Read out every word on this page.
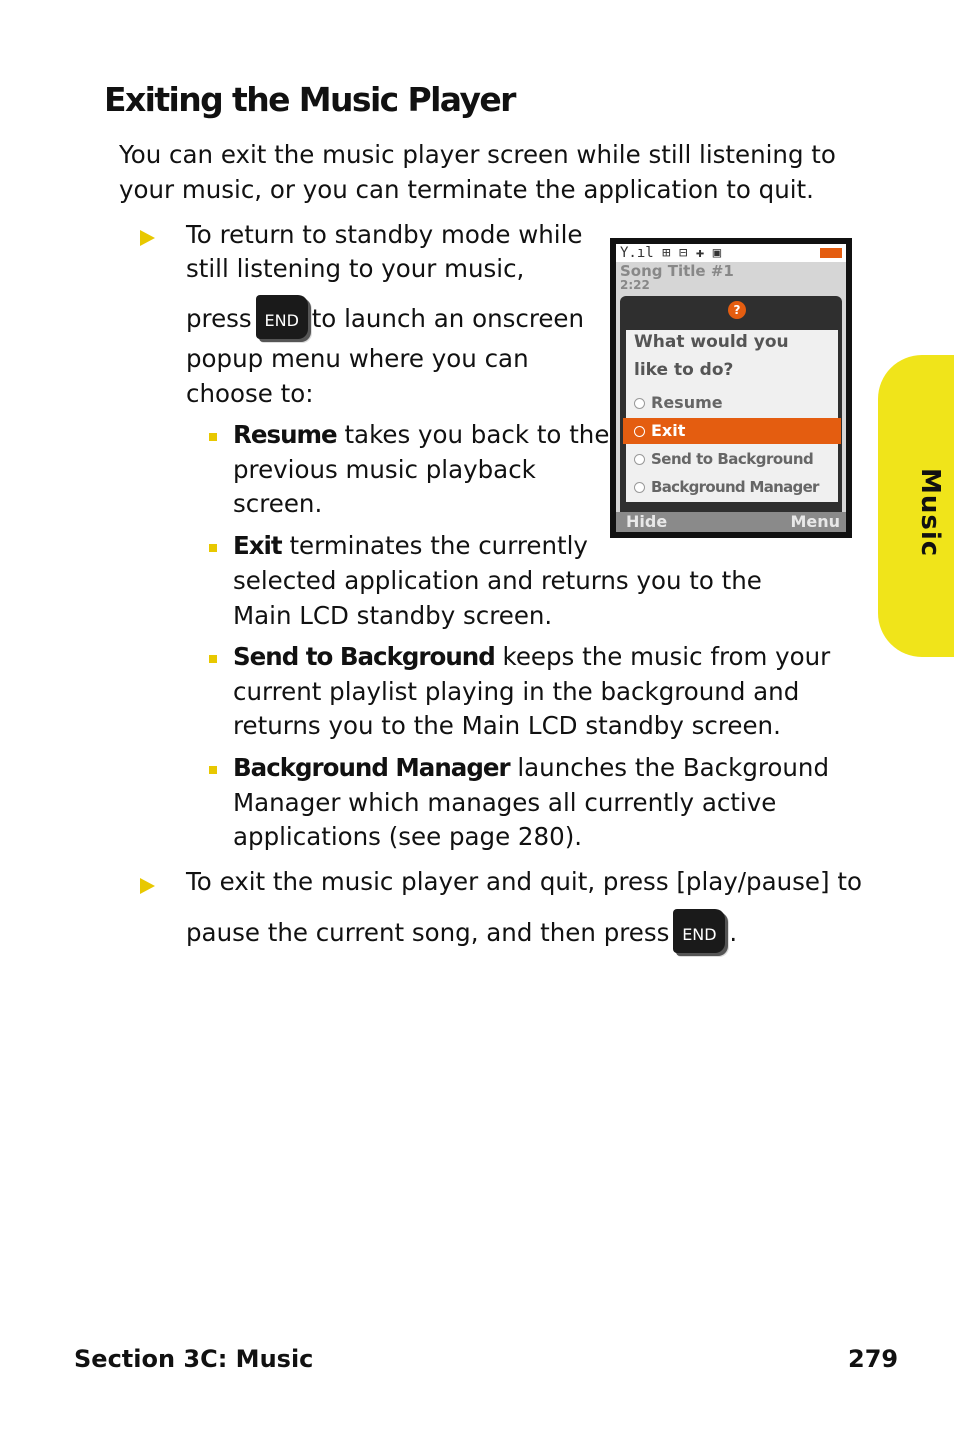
Exiting the Music Player

You can exit the music player screen while still listening to your music, or you can terminate the application to quit.

To return to standby mode while

still listening to your music,

press END to launch an onscreen

popup menu where you can

choose to:

Resume takes you back to the

previous music playback

screen.

Exit terminates the currently

selected application and returns you to the

Main LCD standby screen.

Send to Background keeps the music from your

current playlist playing in the background and

returns you to the Main LCD standby screen.

Background Manager launches the Background

Manager which manages all currently active

applications (see page 280).

To exit the music player and quit, press [play/pause] to

pause the current song, and then press END .

Y.ıl ⊞ ⊟ ✚ ▣
Song Title #1
2:22
?
What would you
like to do?
Resume
Exit
Send to Background
Background Manager
Hide	Menu	Music
Section 3C: Music	279
